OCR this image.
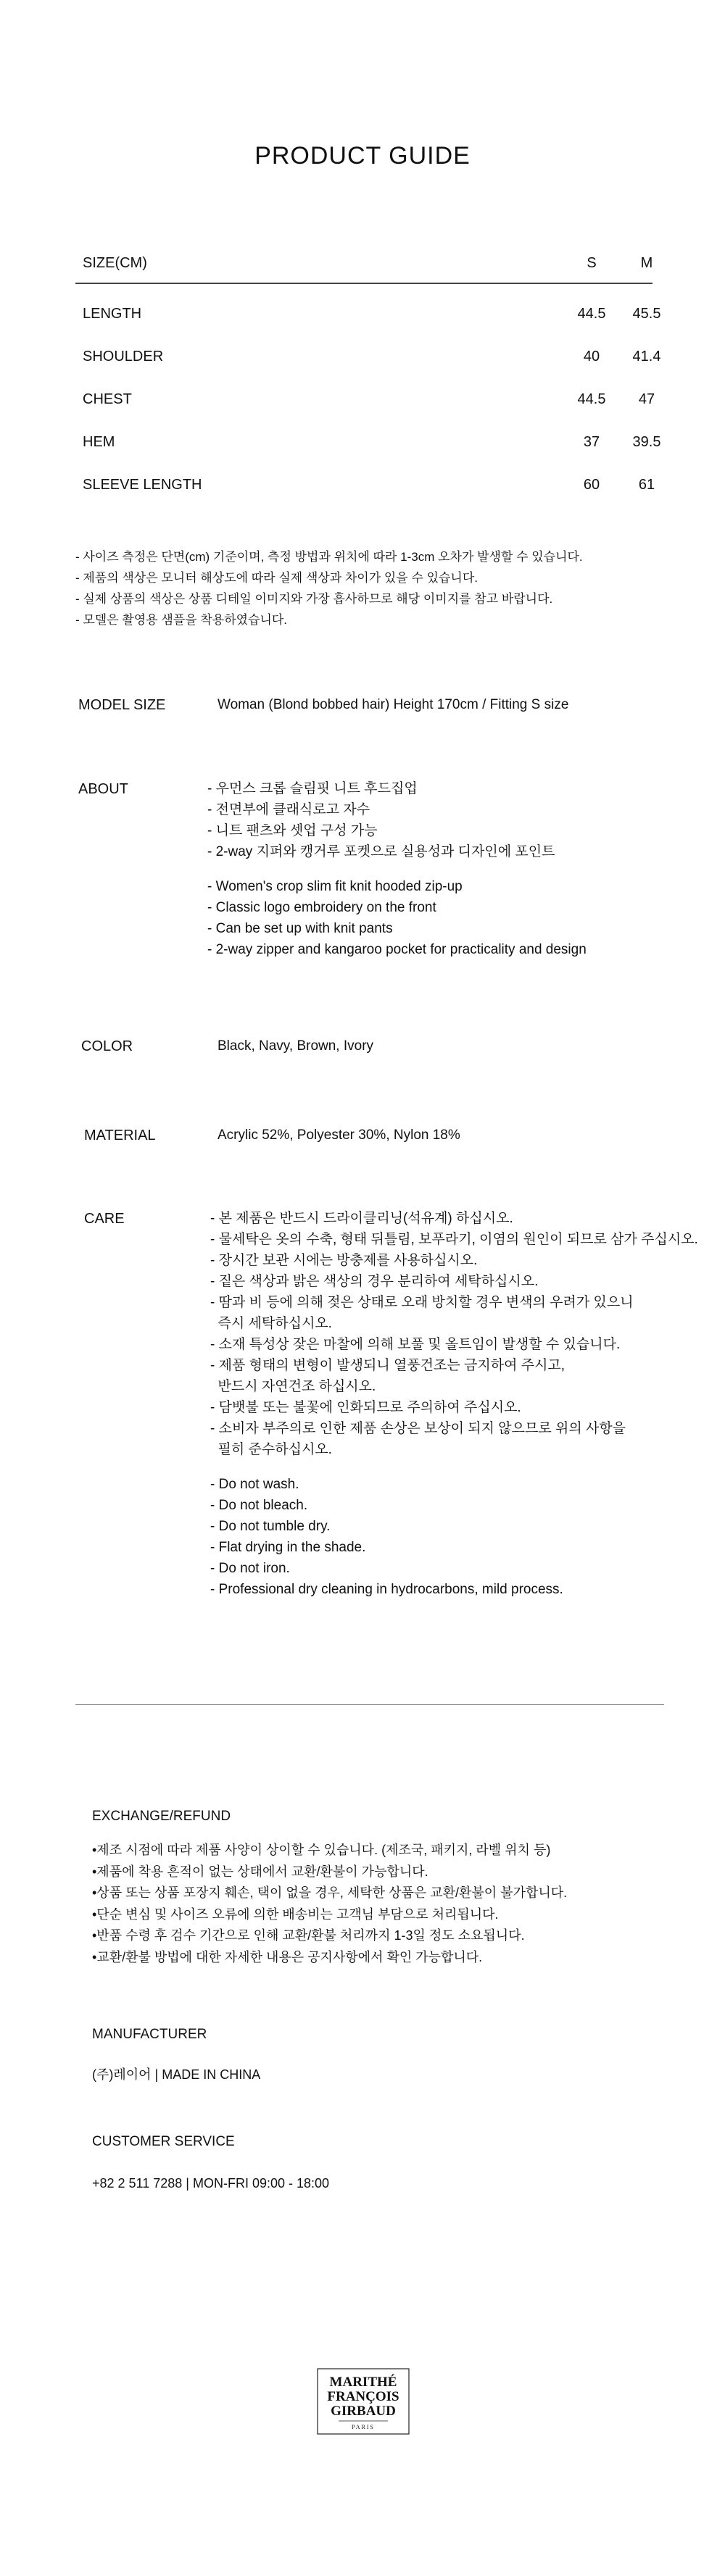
PRODUCT GUIDE
SIZE(CM)	S	M
LENGTH	44.5	45.5
SHOULDER	40	41.4
CHEST	44.5	47
HEM	37	39.5
SLEEVE LENGTH	60	61
- 사이즈 측정은 단면(cm) 기준이며, 측정 방법과 위치에 따라 1-3cm 오차가 발생할 수 있습니다.
- 제품의 색상은 모니터 해상도에 따라 실제 색상과 차이가 있을 수 있습니다.
- 실제 상품의 색상은 상품 디테일 이미지와 가장 흡사하므로 해당 이미지를 참고 바랍니다.
- 모델은 촬영용 샘플을 착용하였습니다.
MODEL SIZE	Woman (Blond bobbed hair) Height 170cm / Fitting S size
ABOUT	- 우먼스 크롭 슬림핏 니트 후드집업
- 전면부에 클래식로고 자수
- 니트 팬츠와 셋업 구성 가능
- 2-way 지퍼와 캥거루 포켓으로 실용성과 디자인에 포인트
- Women's crop slim fit knit hooded zip-up
- Classic logo embroidery on the front
- Can be set up with knit pants
- 2-way zipper and kangaroo pocket for practicality and design
COLOR	Black, Navy, Brown, Ivory
MATERIAL	Acrylic 52%, Polyester 30%, Nylon 18%
CARE	- 본 제품은 반드시 드라이클리닝(석유계) 하십시오.
- 물세탁은 옷의 수축, 형태 뒤틀림, 보푸라기, 이염의 원인이 되므로 삼가 주십시오.
- 장시간 보관 시에는 방충제를 사용하십시오.
- 짙은 색상과 밝은 색상의 경우 분리하여 세탁하십시오.
- 땀과 비 등에 의해 젖은 상태로 오래 방치할 경우 변색의 우려가 있으니
즉시 세탁하십시오.
- 소재 특성상 잦은 마찰에 의해 보풀 및 올트임이 발생할 수 있습니다.
- 제품 형태의 변형이 발생되니 열풍건조는 금지하여 주시고,
반드시 자연건조 하십시오.
- 담뱃불 또는 불꽃에 인화되므로 주의하여 주십시오.
- 소비자 부주의로 인한 제품 손상은 보상이 되지 않으므로 위의 사항을
필히 준수하십시오.
- Do not wash.
- Do not bleach.
- Do not tumble dry.
- Flat drying in the shade.
- Do not iron.
- Professional dry cleaning in hydrocarbons, mild process.
EXCHANGE/REFUND
•제조 시점에 따라 제품 사양이 상이할 수 있습니다. (제조국, 패키지, 라벨 위치 등)
•제품에 착용 흔적이 없는 상태에서 교환/환불이 가능합니다.
•상품 또는 상품 포장지 훼손, 택이 없을 경우, 세탁한 상품은 교환/환불이 불가합니다.
•단순 변심 및 사이즈 오류에 의한 배송비는 고객님 부담으로 처리됩니다.
•반품 수령 후 검수 기간으로 인해 교환/환불 처리까지 1-3일 정도 소요됩니다.
•교환/환불 방법에 대한 자세한 내용은 공지사항에서 확인 가능합니다.
MANUFACTURER
(주)레이어 | MADE IN CHINA
CUSTOMER SERVICE
+82 2 511 7288 | MON-FRI 09:00 - 18:00
MARITHÉ
FRANÇOIS
GIRBAUD
PARIS
